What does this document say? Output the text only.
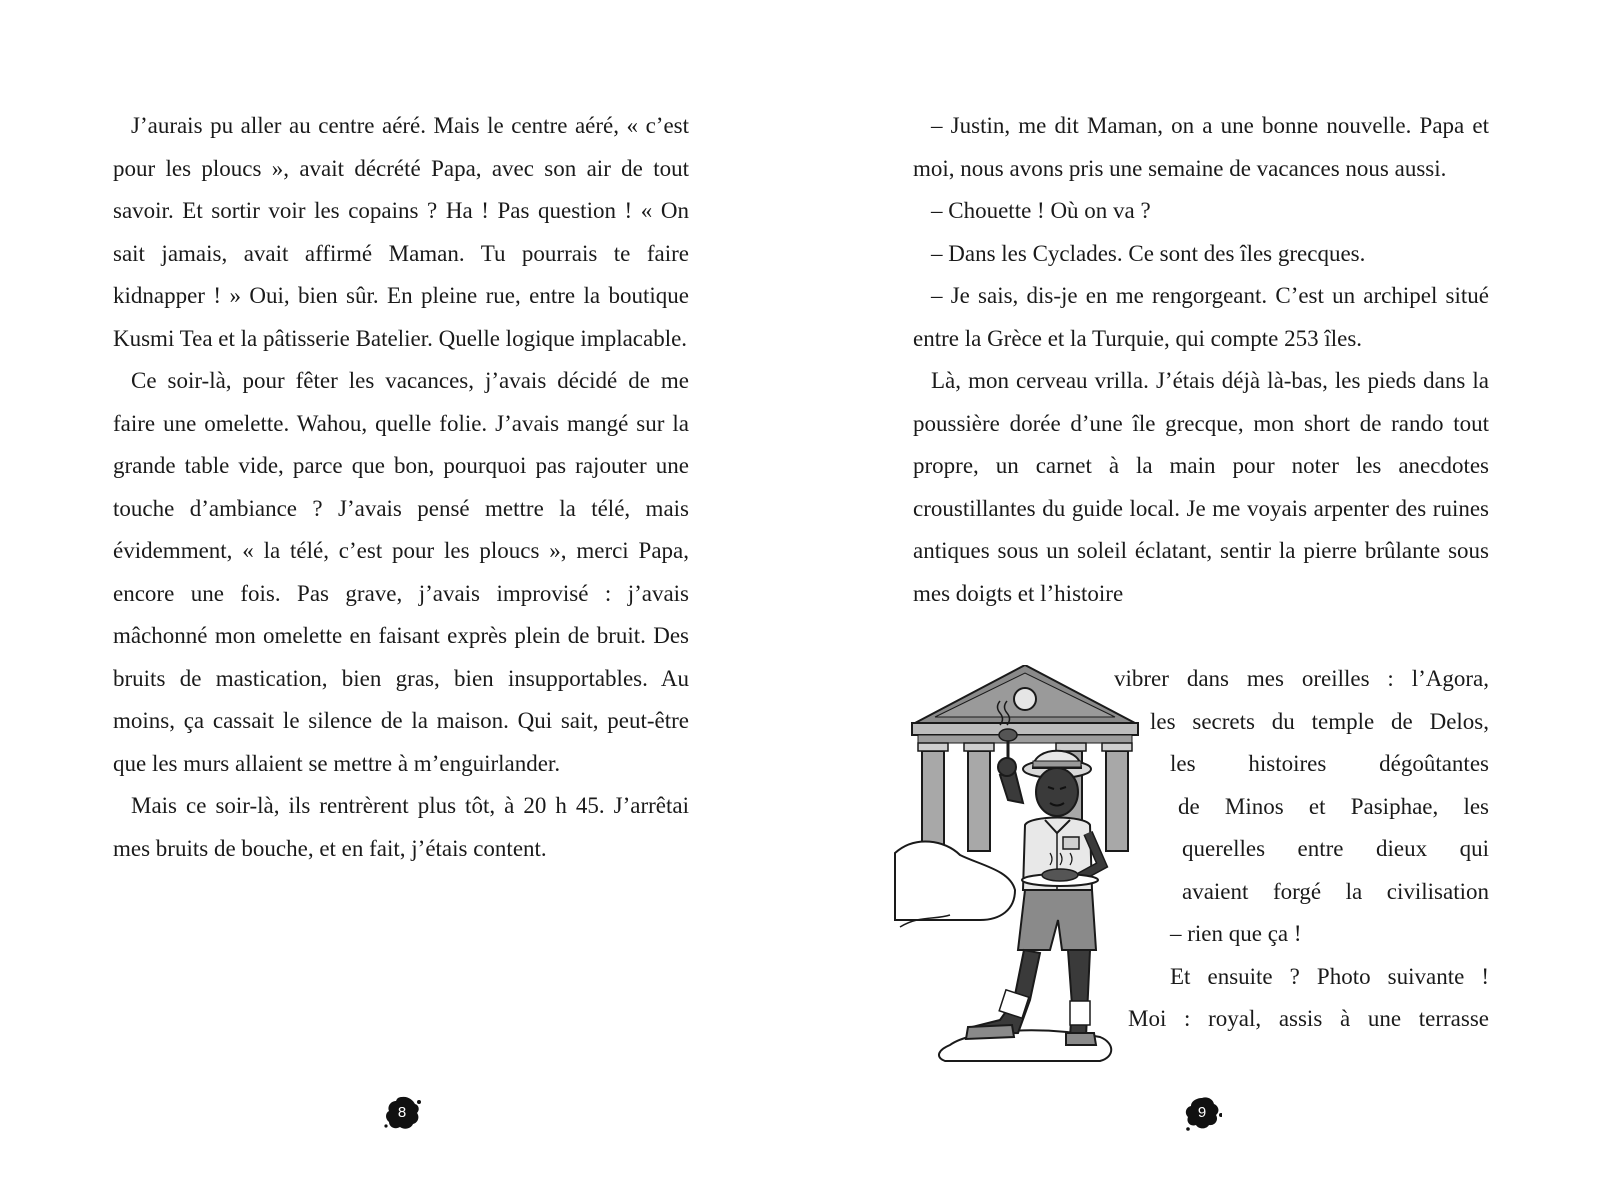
J’aurais pu aller au centre aéré. Mais le centre aéré, « c’est pour les ploucs », avait décrété Papa, avec son air de tout savoir. Et sortir voir les copains ? Ha ! Pas question ! « On sait jamais, avait affirmé Maman. Tu pourrais te faire kidnapper ! » Oui, bien sûr. En pleine rue, entre la boutique Kusmi Tea et la pâtisserie Batelier. Quelle logique implacable.

Ce soir-là, pour fêter les vacances, j’avais décidé de me faire une omelette. Wahou, quelle folie. J’avais mangé sur la grande table vide, parce que bon, pourquoi pas rajouter une touche d’ambiance ? J’avais pensé mettre la télé, mais évidemment, « la télé, c’est pour les ploucs », merci Papa, encore une fois. Pas grave, j’avais improvisé : j’avais mâchonné mon omelette en faisant exprès plein de bruit. Des bruits de mastication, bien gras, bien insupportables. Au moins, ça cassait le silence de la maison. Qui sait, peut-être que les murs allaient se mettre à m’enguirlander.

Mais ce soir-là, ils rentrèrent plus tôt, à 20 h 45. J’arrêtai mes bruits de bouche, et en fait, j’étais content.

8

– Justin, me dit Maman, on a une bonne nouvelle. Papa et moi, nous avons pris une semaine de vacances nous aussi.

– Chouette ! Où on va ?

– Dans les Cyclades. Ce sont des îles grecques.

– Je sais, dis-je en me rengorgeant. C’est un archipel situé entre la Grèce et la Turquie, qui compte 253 îles.

Là, mon cerveau vrilla. J’étais déjà là-bas, les pieds dans la poussière dorée d’une île grecque, mon short de rando tout propre, un carnet à la main pour noter les anecdotes croustillantes du guide local. Je me voyais arpenter des ruines antiques sous un soleil éclatant, sentir la pierre brûlante sous mes doigts et l’histoire

vibrer dans mes oreilles : l’Agora,
les secrets du temple de Delos,
les histoires dégoûtantes
de Minos et Pasiphae, les
querelles entre dieux qui
avaient forgé la civilisation
– rien que ça !
Et ensuite ? Photo suivante !
Moi : royal, assis à une terrasse
9
